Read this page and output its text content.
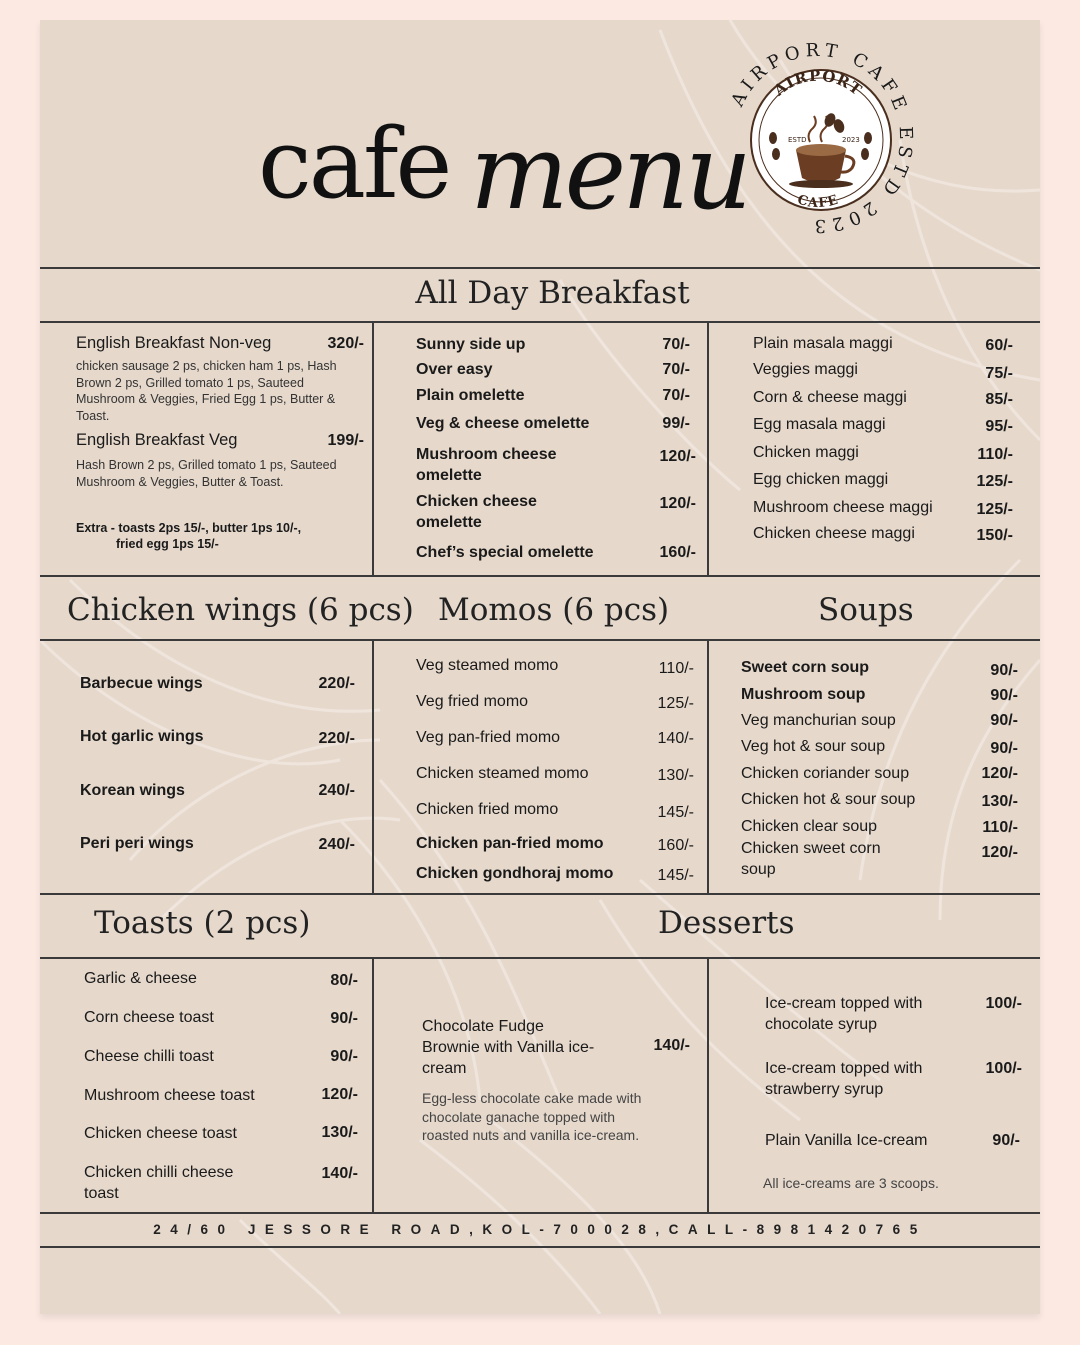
cafe menu
AIRPORT CAFE ESTD 2023
AIRPORT
CAFE
ESTD	2023
All Day Breakfast
Chicken wings (6 pcs) Momos (6 pcs)	Soups
Toasts (2 pcs)	Desserts
English Breakfast Non-veg	320/-
chicken sausage 2 ps, chicken ham 1 ps, Hash Brown 2 ps, Grilled tomato 1 ps, Sauteed Mushroom & Veggies, Fried Egg 1 ps, Butter & Toast.
English Breakfast Veg	199/-
Hash Brown 2 ps, Grilled tomato 1 ps, Sauteed Mushroom & Veggies, Butter & Toast.
Extra - toasts 2ps 15/-, butter 1ps 10/-,
fried egg 1ps 15/-
Sunny side up	70/-
Over easy	70/-
Plain omelette	70/-
Veg & cheese omelette	99/-
Mushroom cheese omelette
120/-
Chicken cheese omelette
120/-
Chef’s special omelette	160/-
Plain masala maggi	60/-
Veggies maggi	75/-
Corn & cheese maggi	85/-
Egg masala maggi	95/-
Chicken maggi	110/-
Egg chicken maggi	125/-
Mushroom cheese maggi	125/-
Chicken cheese maggi	150/-
Barbecue wings	220/-
Hot garlic wings	220/-
Korean wings	240/-
Peri peri wings	240/-
Veg steamed momo	110/-
Veg fried momo	125/-
Veg pan-fried momo	140/-
Chicken steamed momo	130/-
Chicken fried momo	145/-
Chicken pan-fried momo	160/-
Chicken gondhoraj momo	145/-
Sweet corn soup	90/-
Mushroom soup	90/-
Veg manchurian soup	90/-
Veg hot & sour soup	90/-
Chicken coriander soup	120/-
Chicken hot & sour soup	130/-
Chicken clear soup	110/-
Chicken sweet corn soup
120/-
Garlic & cheese	80/-
Corn cheese toast	90/-
Cheese chilli toast	90/-
Mushroom cheese toast	120/-
Chicken cheese toast	130/-
Chicken chilli cheese toast
140/-
Chocolate Fudge Brownie with Vanilla ice-cream
140/-
Egg-less chocolate cake made with chocolate ganache topped with roasted nuts and vanilla ice-cream.
Ice-cream topped with chocolate syrup
100/-
Ice-cream topped with strawberry syrup
100/-
Plain Vanilla Ice-cream	90/-
All ice-creams are 3 scoops.
24/60 JESSORE ROAD,KOL-700028,CALL-8981420765
